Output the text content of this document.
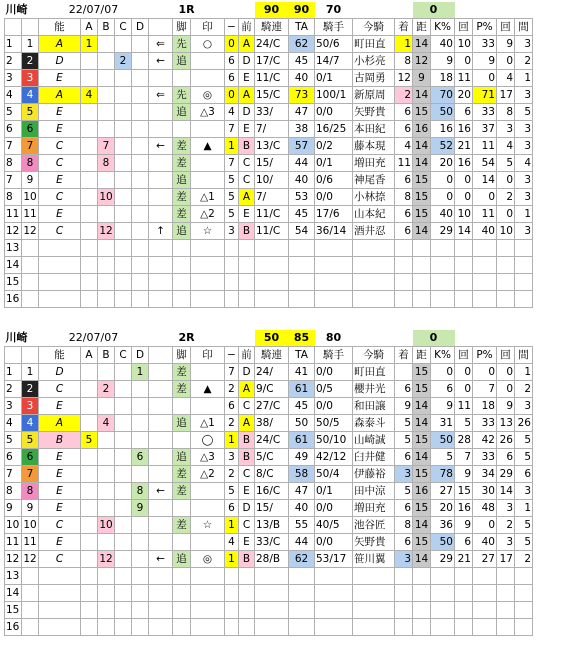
川崎		22/07/07					1R					90	90	70			0					
		能	A	B	C	D		脚	印	−	前	騎連	TA	騎手	今騎	着	距	K%	回	P%	回	間
1	1	A	1				⇐	先	○	0	A	24/C	62	50/6	町田直	1	14	40	10	33	9	3
2	2	D			2		←	追		6	D	17/C	45	14/7	小杉亮	8	12	9	0	9	0	2
3	3	E								6	E	11/C	40	0/1	古岡勇	12	9	18	11	0	4	1
4	4	A	4				⇐	先	◎	0	A	15/C	73	100/1	新原周	2	14	70	20	71	17	3
5	5	E						追	△3	4	D	33/	47	0/0	矢野貴	6	15	50	6	33	8	5
6	6	E								7	E	7/	38	16/25	本田紀	6	16	16	16	37	3	3
7	7	C		7			←	差	▲	1	B	13/C	57	0/2	藤本現	4	14	52	21	11	4	3
8	8	C		8				差		7	C	15/	44	0/1	増田充	11	14	20	16	54	5	4
7	9	E						追		5	C	10/	40	0/6	神尾香	6	15	0	0	14	0	3
8	10	C		10				差	△1	5	A	7/	53	0/0	小林捺	8	15	0	0	0	2	3
11	11	E						差	△2	5	E	11/C	45	17/6	山本紀	6	15	40	10	11	0	1
12	12	C		12			↑	追	☆	3	B	11/C	54	36/14	酒井忍	6	14	29	14	40	10	3
13																						
14																						
15																						
16																						
川崎		22/07/07					2R					50	85	80			0					
		能	A	B	C	D		脚	印	−	前	騎連	TA	騎手	今騎	着	距	K%	回	P%	回	間
1	1	D				1		差		7	D	24/	41	0/0	町田直		15	0	0	0	0	1
2	2	C		2				差	▲	2	A	9/C	61	0/5	櫻井光	6	15	6	0	7	0	2
3	3	E								6	C	27/C	45	0/0	和田譲	9	14	9	11	18	9	3
4	4	A		4				追	△1	2	A	38/	50	50/5	森泰斗	5	14	31	5	33	13	26
5	5	B	5						◯	1	B	24/C	61	50/10	山崎誠	5	15	50	28	42	26	5
6	6	E				6		追	△3	3	B	5/C	49	42/12	臼井健	6	14	5	7	33	6	5
7	7	E						差	△2	2	C	8/C	58	50/4	伊藤裕	3	15	78	9	34	29	6
8	8	E				8	←	差		5	E	16/C	47	0/1	田中涼	5	16	27	15	30	14	3
9	9	E				9				6	D	15/	40	0/0	増田充	6	15	20	16	48	3	1
10	10	C		10				差	☆	1	C	13/B	55	40/5	池谷匠	8	14	36	9	0	2	5
11	11	E								4	E	33/C	44	0/0	矢野貴	6	15	50	6	40	3	5
12	12	C		12			←	追	◎	1	B	28/B	62	53/17	笹川翼	3	14	29	21	27	17	2
13																						
14																						
15																						
16																						
